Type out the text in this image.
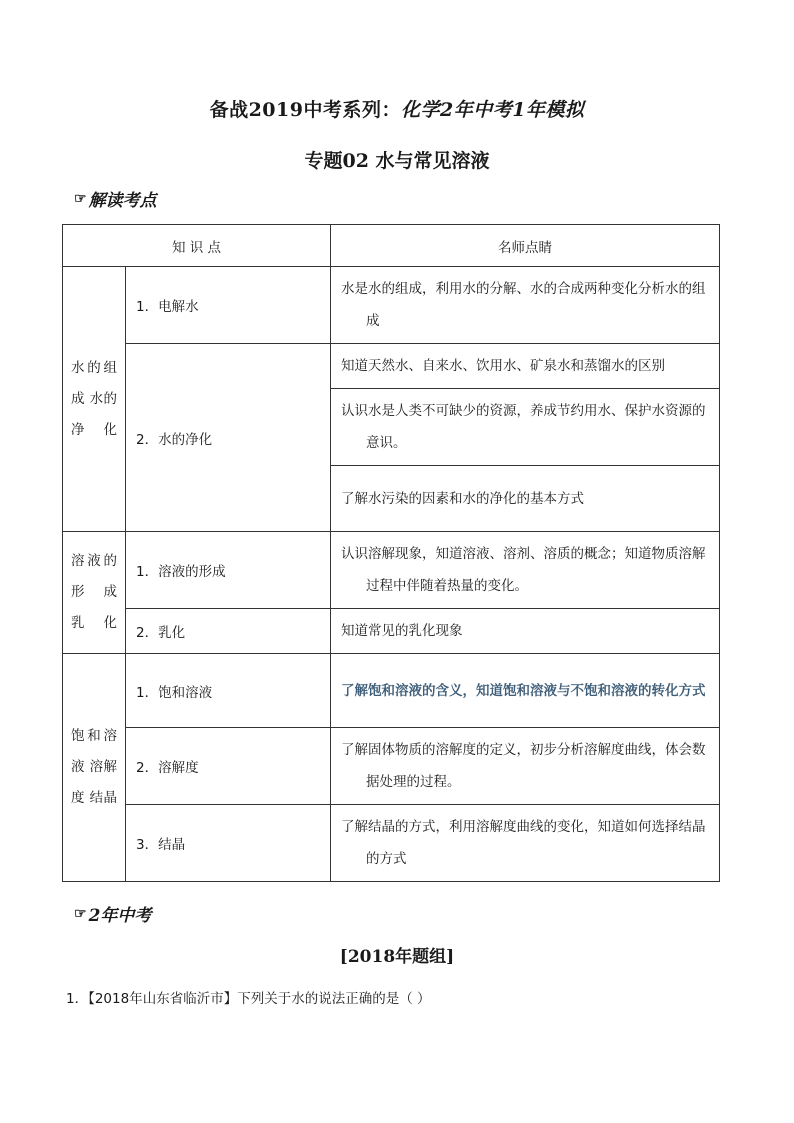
备战2019中考系列：化学2年中考1年模拟
专题02 水与常见溶液
☞ 解读考点
知 识 点		名师点睛
水的组成 水的净化	1．电解水	水是水的组成，利用水的分解、水的合成两种变化分析水的组成

	2．水的净化	知道天然水、自来水、饮用水、矿泉水和蒸馏水的区别

		认识水是人类不可缺少的资源，养成节约用水、保护水资源的意识。

		了解水污染的因素和水的净化的基本方式

溶液的形 成 乳化	1．溶液的形成	认识溶解现象，知道溶液、溶剂、溶质的概念；知道物质溶解过程中伴随着热量的变化。

	2．乳化	知道常见的乳化现象

饱和溶液 溶解 度 结晶	1．饱和溶液	了解饱和溶液的含义，知道饱和溶液与不饱和溶液的转化方式

	2．溶解度	了解固体物质的溶解度的定义，初步分析溶解度曲线，体会数据处理的过程。

	3．结晶	了解结晶的方式，利用溶解度曲线的变化，知道如何选择结晶的方式
☞ 2年中考
[2018年题组]
1．【2018年山东省临沂市】下列关于水的说法正确的是（ ）
